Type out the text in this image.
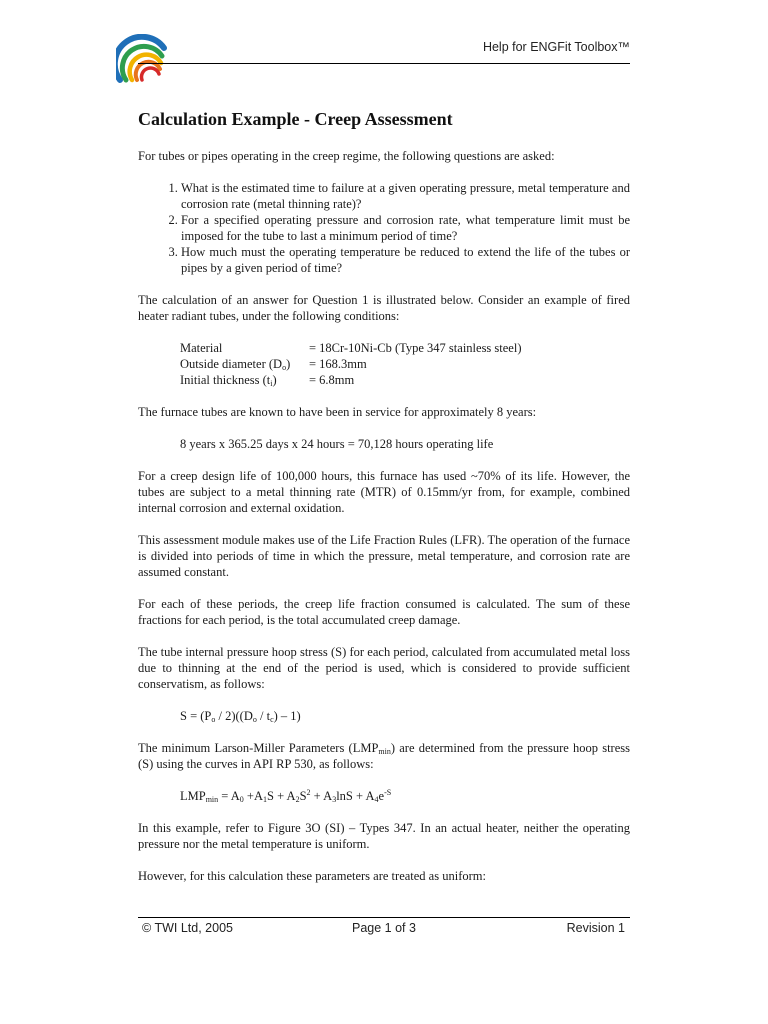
Help for ENGFit Toolbox™
Calculation Example - Creep Assessment

For tubes or pipes operating in the creep regime, the following questions are asked:

1. What is the estimated time to failure at a given operating pressure, metal temperature and corrosion rate (metal thinning rate)?
2. For a specified operating pressure and corrosion rate, what temperature limit must be imposed for the tube to last a minimum period of time?
3. How much must the operating temperature be reduced to extend the life of the tubes or pipes by a given period of time?

The calculation of an answer for Question 1 is illustrated below. Consider an example of fired heater radiant tubes, under the following conditions:

Material	= 18Cr-10Ni-Cb (Type 347 stainless steel)
Outside diameter $(D_o)$	= 168.3mm
Initial thickness $(t_i)$	= 6.8mm

The furnace tubes are known to have been in service for approximately 8 years:

8 years x 365.25 days x 24 hours = 70,128 hours operating life

For a creep design life of 100,000 hours, this furnace has used ~70% of its life. However, the tubes are subject to a metal thinning rate (MTR) of 0.15mm/yr from, for example, combined internal corrosion and external oxidation.

This assessment module makes use of the Life Fraction Rules (LFR). The operation of the furnace is divided into periods of time in which the pressure, metal temperature, and corrosion rate are assumed constant.

For each of these periods, the creep life fraction consumed is calculated. The sum of these fractions for each period, is the total accumulated creep damage.

The tube internal pressure hoop stress (S) for each period, calculated from accumulated metal loss due to thinning at the end of the period is used, which is considered to provide sufficient conservatism, as follows:

$S = (P_o / 2)((D_o / t_c) - 1)$

The minimum Larson-Miller Parameters $(LMP_{min})$ are determined from the pressure hoop stress (S) using the curves in API RP 530, as follows:

$LMP_{min} = A_0 +A_1S + A_2S^2 + A_3\ln S + A_4e^{-S}$

In this example, refer to Figure 3O (SI) – Types 347. In an actual heater, neither the operating pressure nor the metal temperature is uniform.

However, for this calculation these parameters are treated as uniform:

© TWI Ltd, 2005	Page 1 of 3	Revision 1
